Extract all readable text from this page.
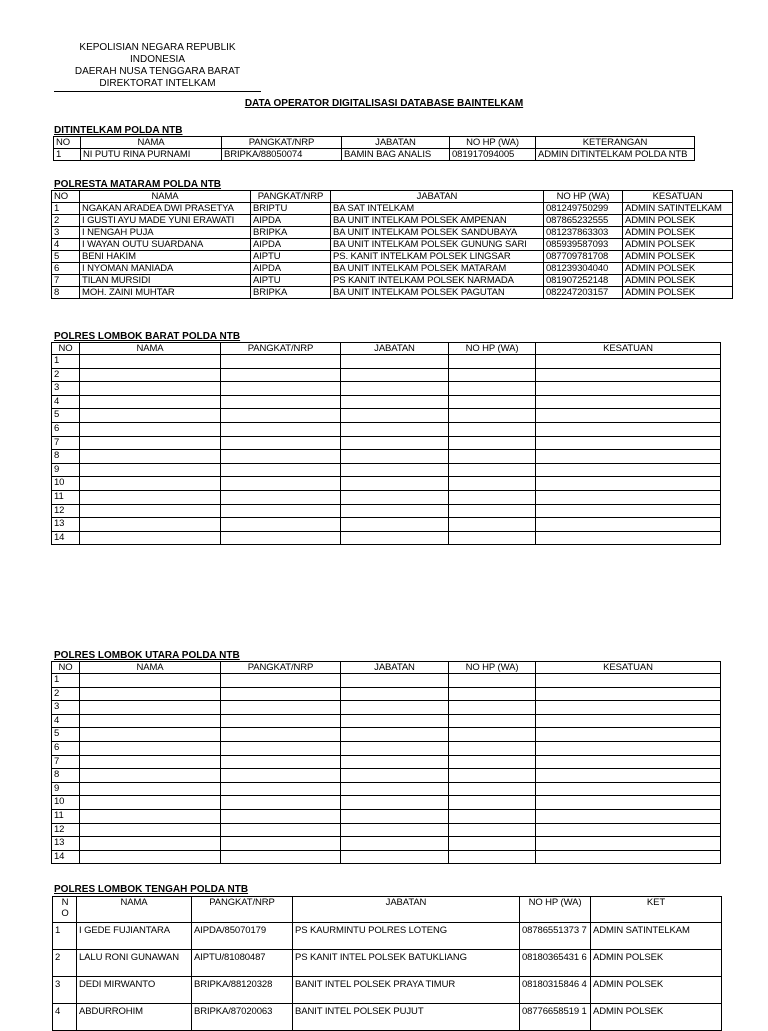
KEPOLISIAN NEGARA REPUBLIK INDONESIA
DAERAH NUSA TENGGARA BARAT
DIREKTORAT INTELKAM
DATA OPERATOR DIGITALISASI DATABASE BAINTELKAM
DITINTELKAM POLDA NTB
NO	NAMA	PANGKAT/NRP	JABATAN	NO HP (WA)	KETERANGAN
1	NI PUTU RINA PURNAMI	BRIPKA/88050074	BAMIN BAG ANALIS	081917094005	ADMIN DITINTELKAM POLDA NTB
POLRESTA MATARAM POLDA NTB
NO	NAMA	PANGKAT/NRP	JABATAN	NO HP (WA)	KESATUAN
1	NGAKAN ARADEA DWI PRASETYA	BRIPTU	BA SAT INTELKAM	081249750299	ADMIN SATINTELKAM
2	I GUSTI AYU MADE YUNI ERAWATI	AIPDA	BA UNIT INTELKAM POLSEK AMPENAN	087865232555	ADMIN POLSEK
3	I NENGAH PUJA	BRIPKA	BA UNIT INTELKAM POLSEK SANDUBAYA	081237863303	ADMIN POLSEK
4	I WAYAN OUTU SUARDANA	AIPDA	BA UNIT INTELKAM POLSEK GUNUNG SARI	085939587093	ADMIN POLSEK
5	BENI HAKIM	AIPTU	PS. KANIT INTELKAM POLSEK LINGSAR	087709781708	ADMIN POLSEK
6	I NYOMAN MANIADA	AIPDA	BA UNIT INTELKAM POLSEK MATARAM	081239304040	ADMIN POLSEK
7	TILAN MURSIDI	AIPTU	PS KANIT INTELKAM POLSEK NARMADA	081907252148	ADMIN POLSEK
8	MOH. ZAINI MUHTAR	BRIPKA	BA UNIT INTELKAM POLSEK PAGUTAN	082247203157	ADMIN POLSEK
POLRES LOMBOK BARAT POLDA NTB
NO	NAMA	PANGKAT/NRP	JABATAN	NO HP (WA)	KESATUAN
1					
2					
3					
4					
5					
6					
7					
8					
9					
10					
11					
12					
13					
14					
POLRES LOMBOK UTARA POLDA NTB
NO	NAMA	PANGKAT/NRP	JABATAN	NO HP (WA)	KESATUAN
1					
2					
3					
4					
5					
6					
7					
8					
9					
10					
11					
12					
13					
14					
POLRES LOMBOK TENGAH POLDA NTB
N O	NAMA	PANGKAT/NRP	JABATAN	NO HP (WA)	KET
1	I GEDE FUJIANTARA	AIPDA/85070179	PS KAURMINTU POLRES LOTENG	08786551373 7	ADMIN SATINTELKAM
2	LALU RONI GUNAWAN	AIPTU/81080487	PS KANIT INTEL POLSEK BATUKLIANG	08180365431 6	ADMIN POLSEK
3	DEDI MIRWANTO	BRIPKA/88120328	BANIT INTEL POLSEK PRAYA TIMUR	08180315846 4	ADMIN POLSEK
4	ABDURROHIM	BRIPKA/87020063	BANIT INTEL POLSEK PUJUT	08776658519 1	ADMIN POLSEK
